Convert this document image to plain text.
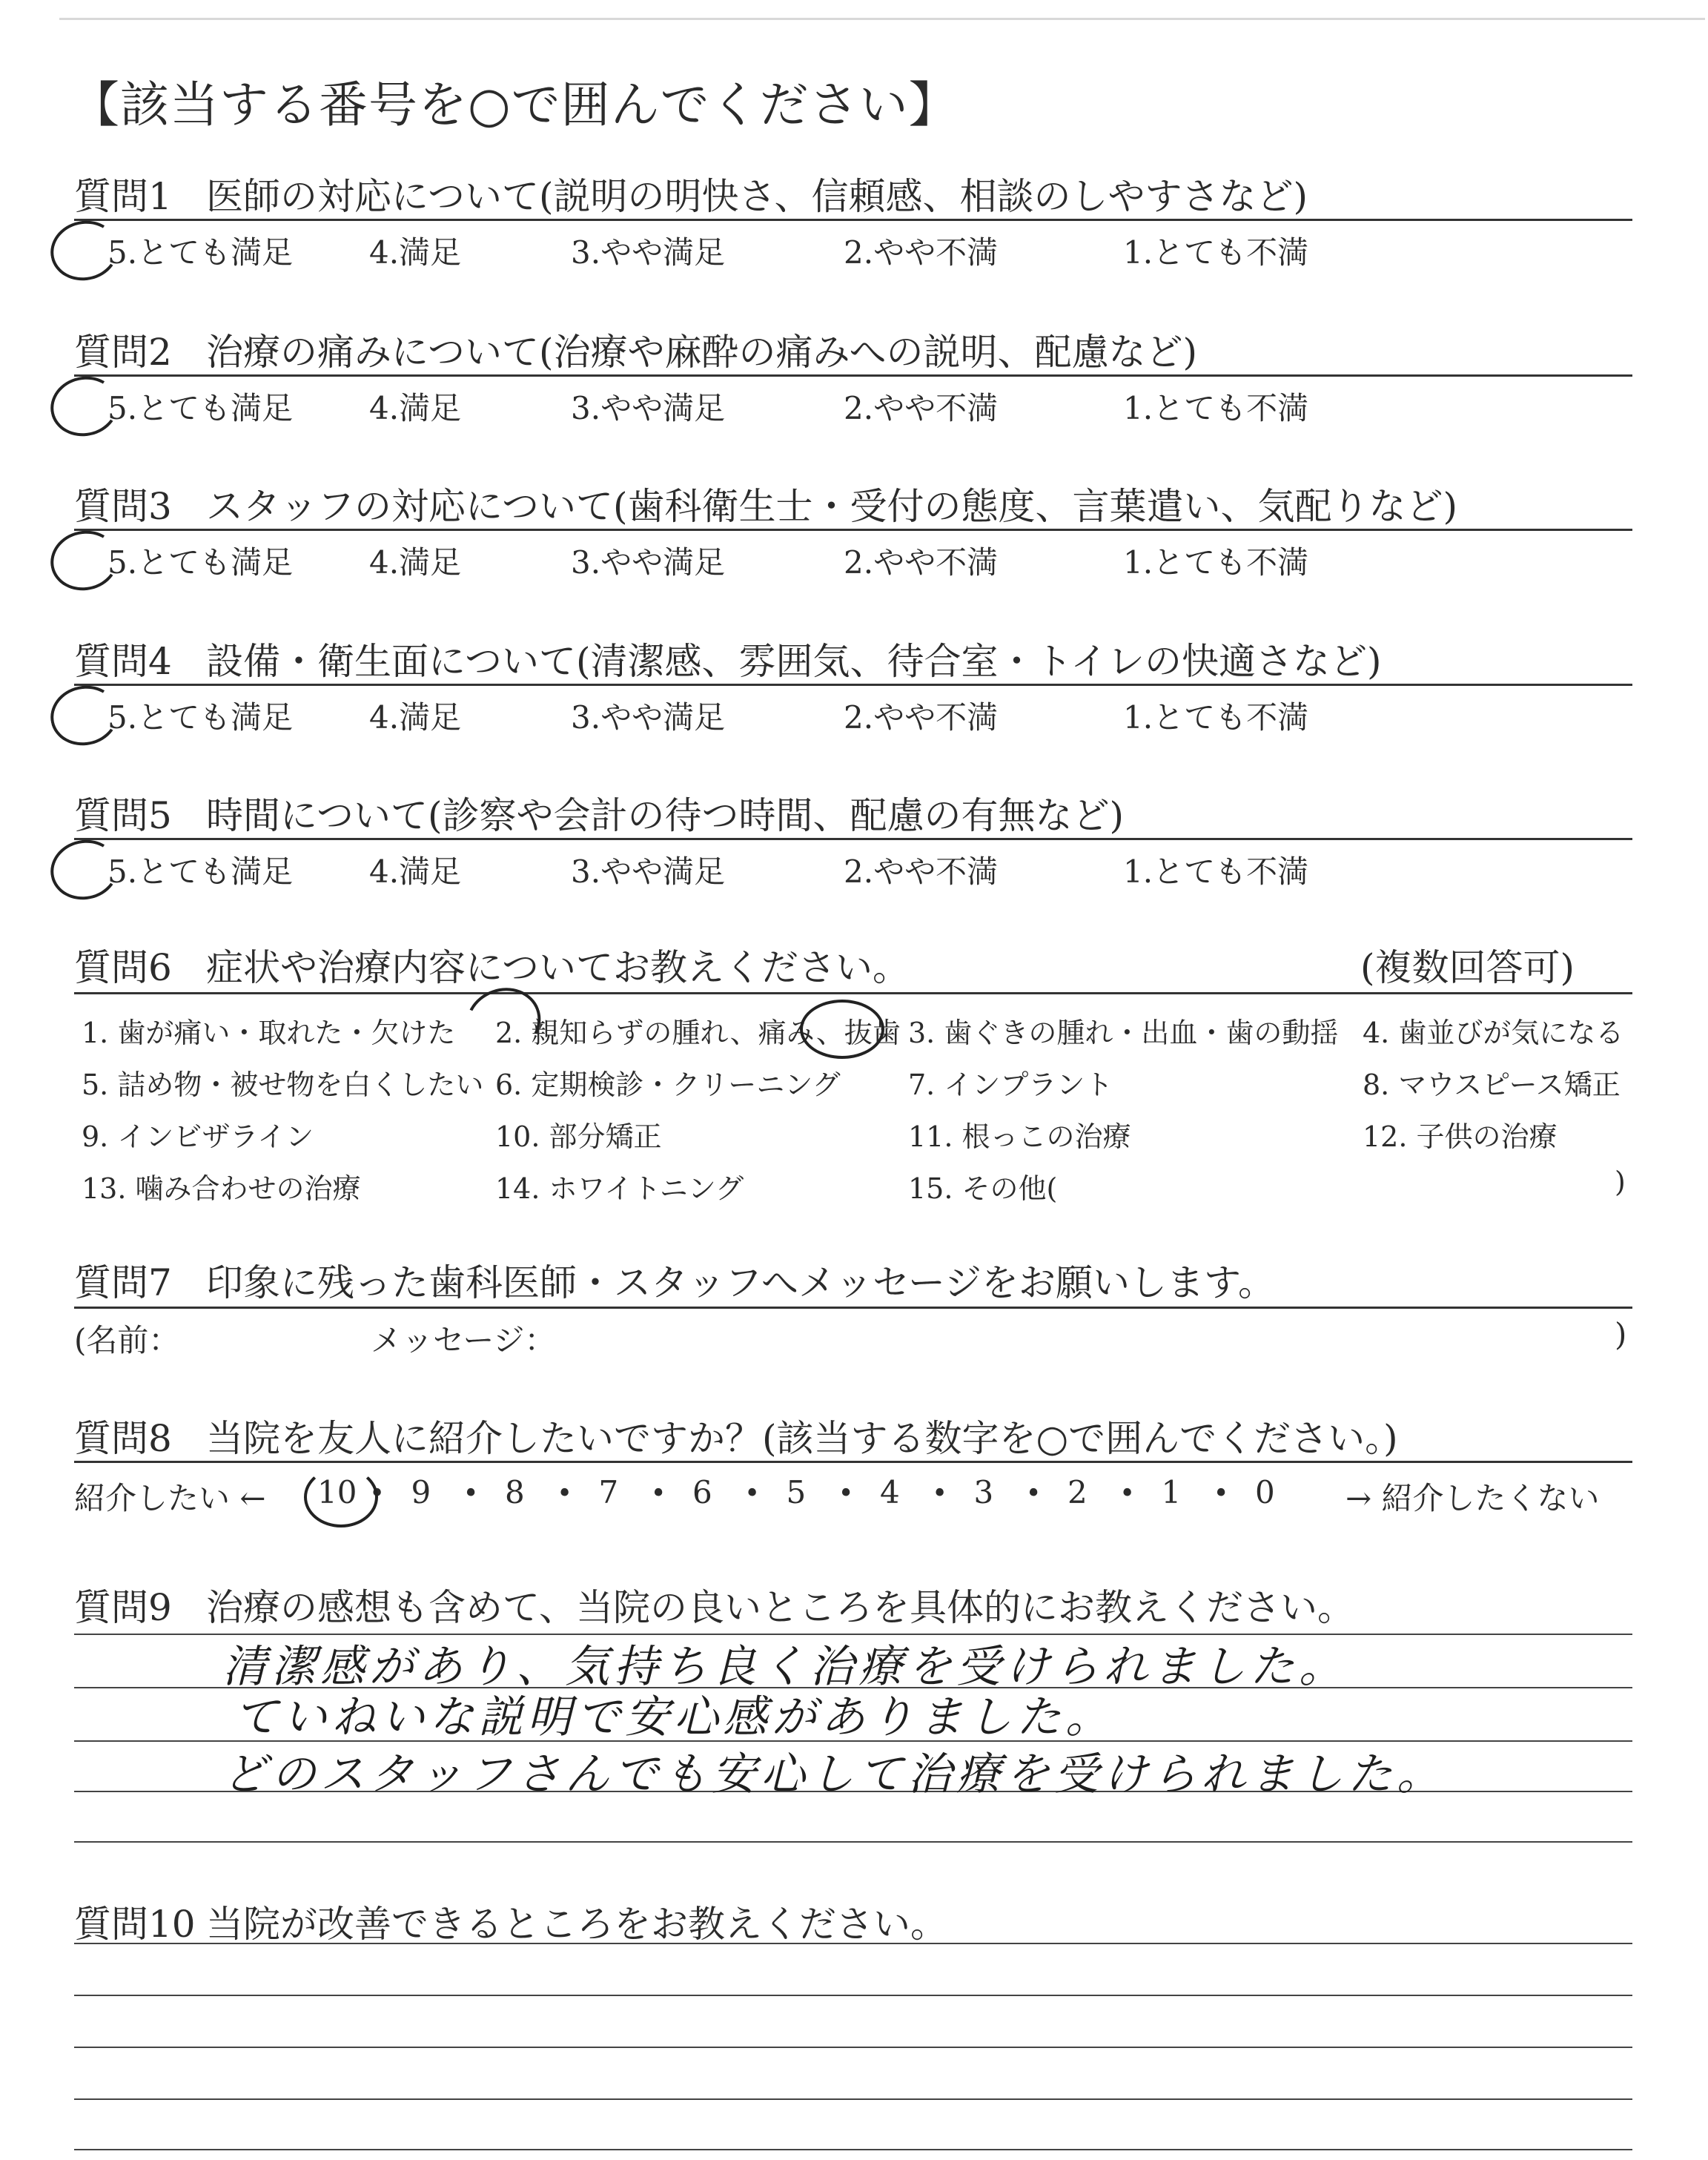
【該当する番号を○で囲んでください】
質問1 医師の対応について(説明の明快さ、信頼感、相談のしやすさなど)
5.とても満足 4.満足	3.やや満足	2.やや不満	1.とても不満
質問2 治療の痛みについて(治療や麻酔の痛みへの説明、配慮など)
5.とても満足 4.満足	3.やや満足	2.やや不満	1.とても不満
質問3 スタッフの対応について(歯科衛生士・受付の態度、言葉遣い、気配りなど)
5.とても満足 4.満足	3.やや満足	2.やや不満	1.とても不満
質問4 設備・衛生面について(清潔感、雰囲気、待合室・トイレの快適さなど)
5.とても満足 4.満足	3.やや満足	2.やや不満	1.とても不満
質問5 時間について(診察や会計の待つ時間、配慮の有無など)
5.とても満足 4.満足	3.やや満足	2.やや不満	1.とても不満
質問6 症状や治療内容についてお教えください。	(複数回答可)
1. 歯が痛い・取れた・欠けた 2. 親知らずの腫れ、痛み、抜歯 3. 歯ぐきの腫れ・出血・歯の動揺 4. 歯並びが気になる
5. 詰め物・被せ物を白くしたい 6. 定期検診・クリーニング 7. インプラント	8. マウスピース矯正
9. インビザライン	10. 部分矯正	11. 根っこの治療	12. 子供の治療
13. 噛み合わせの治療	14. ホワイトニング	15. その他(	)
質問7 印象に残った歯科医師・スタッフへメッセージをお願いします。
(名前：	メッセージ：	)
質問8 当院を友人に紹介したいですか？(該当する数字を○で囲んでください。)
紹介したい ← 10 • 9 • 8 • 7 • 6 • 5 • 4 • 3 • 2 • 1 • 0 → 紹介したくない
質問9 治療の感想も含めて、当院の良いところを具体的にお教えください。
清潔感があり、気持ち良く治療を受けられました。
ていねいな説明で安心感がありました。
どのスタッフさんでも安心して治療を受けられました。
質問10 当院が改善できるところをお教えください。
